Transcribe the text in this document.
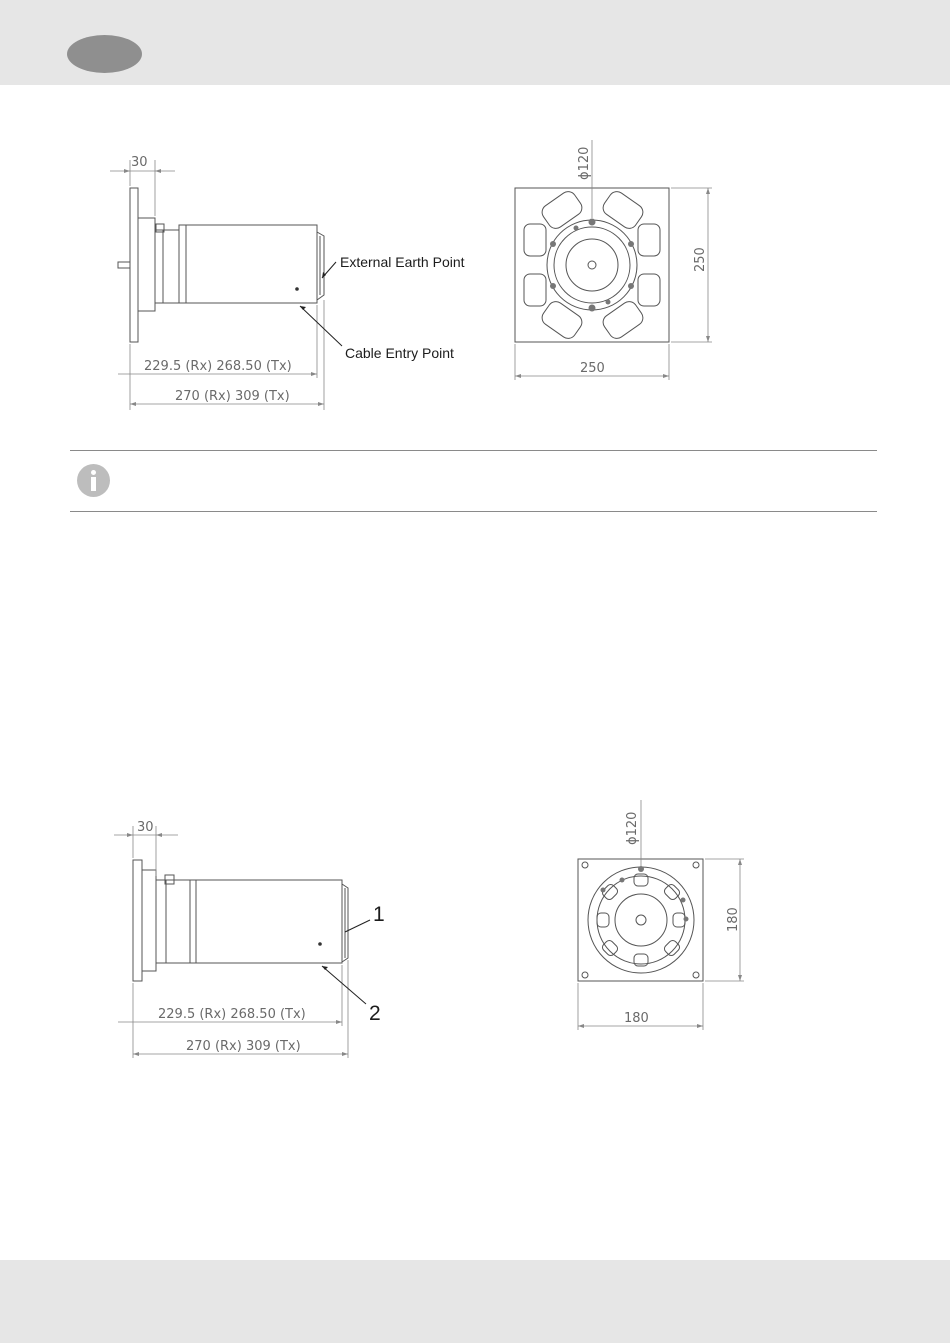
30
229.5 (Rx) 268.50 (Tx)
270 (Rx) 309 (Tx)
External Earth Point
Cable Entry Point
ϕ120
250
250
30
229.5 (Rx) 268.50 (Tx)
270 (Rx) 309 (Tx)
1
2
ϕ120
180
180
